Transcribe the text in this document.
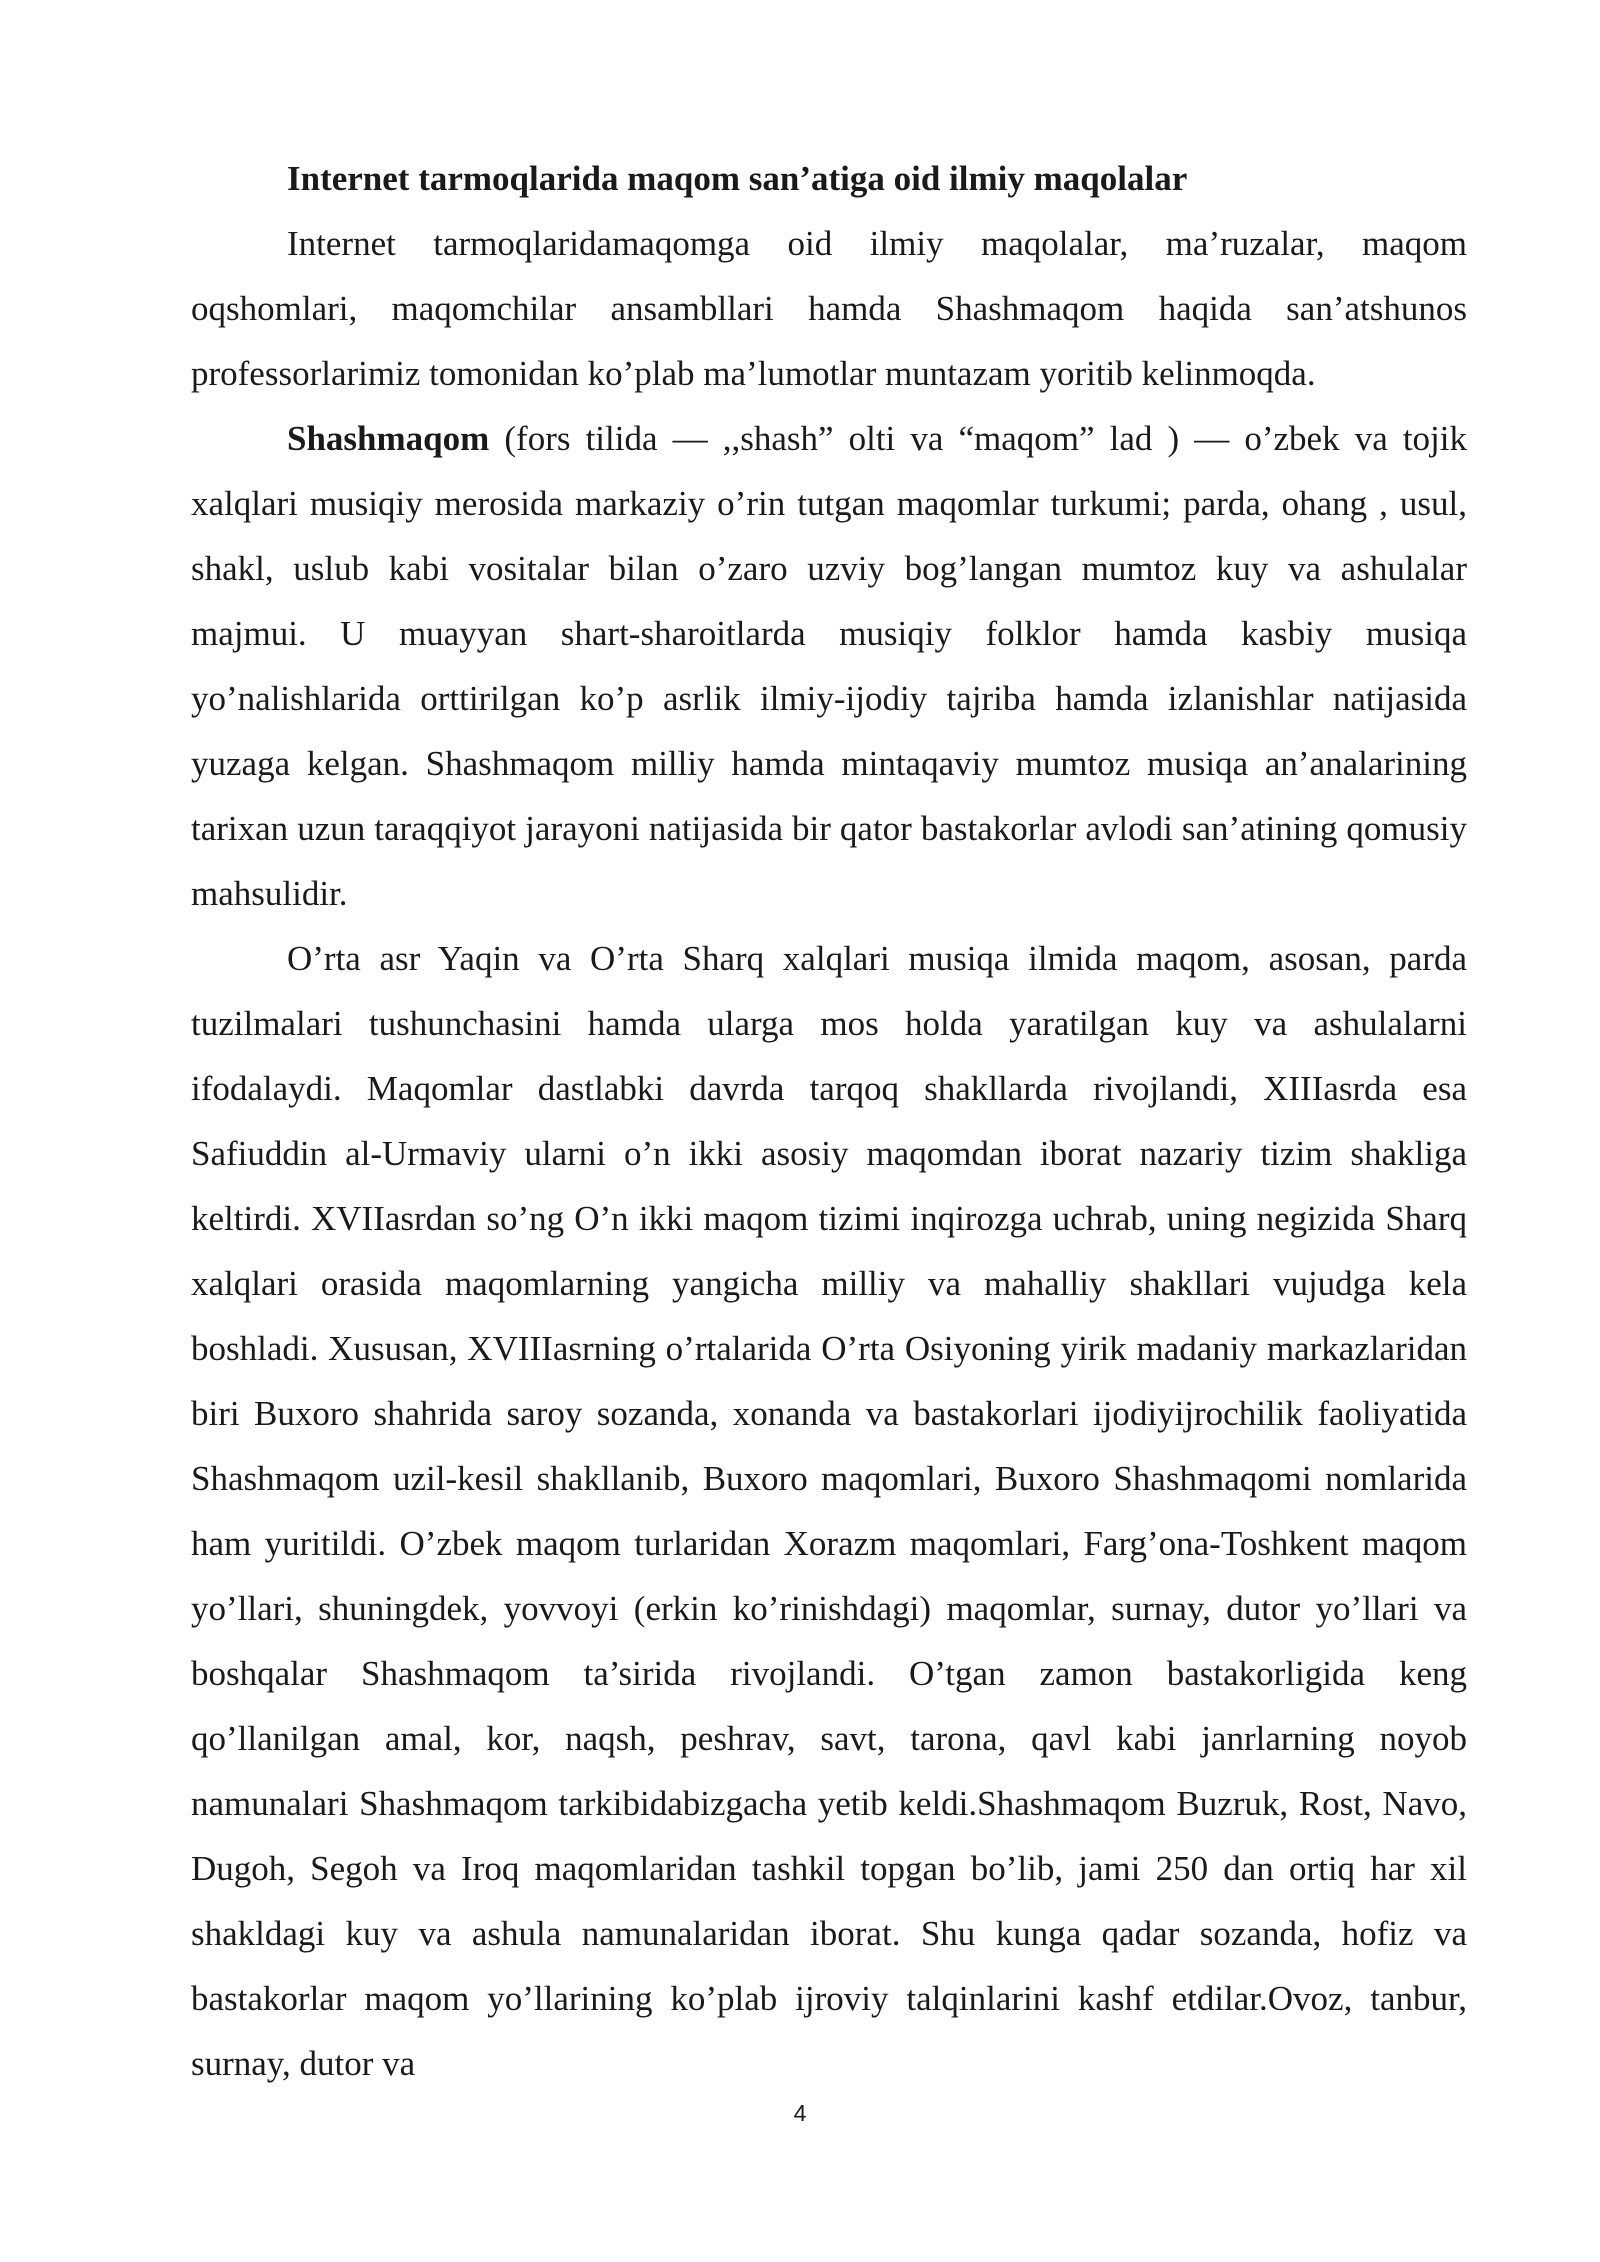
Internet tarmoqlarida maqom san’atiga oid ilmiy maqolalar

Internet tarmoqlaridamaqomga oid ilmiy maqolalar, ma’ruzalar, maqom oqshomlari, maqomchilar ansambllari hamda Shashmaqom haqida san’atshunos professorlarimiz tomonidan ko’plab ma’lumotlar muntazam yoritib kelinmoqda.

Shashmaqom (fors tilida — ,,shash” olti va “maqom” lad ) — o’zbek va tojik xalqlari musiqiy merosida markaziy o’rin tutgan maqomlar turkumi; parda, ohang , usul, shakl, uslub kabi vositalar bilan o’zaro uzviy bog’langan mumtoz kuy va ashulalar majmui. U muayyan shart-sharoitlarda musiqiy folklor hamda kasbiy musiqa yo’nalishlarida orttirilgan ko’p asrlik ilmiy-ijodiy tajriba hamda izlanishlar natijasida yuzaga kelgan. Shashmaqom milliy hamda mintaqaviy mumtoz musiqa an’analarining tarixan uzun taraqqiyot jarayoni natijasida bir qator bastakorlar avlodi san’atining qomusiy mahsulidir.

O’rta asr Yaqin va O’rta Sharq xalqlari musiqa ilmida maqom, asosan, parda tuzilmalari tushunchasini hamda ularga mos holda yaratilgan kuy va ashulalarni ifodalaydi. Maqomlar dastlabki davrda tarqoq shakllarda rivojlandi, XIIIasrda esa Safiuddin al-Urmaviy ularni o’n ikki asosiy maqomdan iborat nazariy tizim shakliga keltirdi. XVIIasrdan so’ng O’n ikki maqom tizimi inqirozga uchrab, uning negizida Sharq xalqlari orasida maqomlarning yangicha milliy va mahalliy shakllari vujudga kela boshladi. Xususan, XVIIIasrning o’rtalarida O’rta Osiyoning yirik madaniy markazlaridan biri Buxoro shahrida saroy sozanda, xonanda va bastakorlari ijodiyijrochilik faoliyatida Shashmaqom uzil-kesil shakllanib, Buxoro maqomlari, Buxoro Shashmaqomi nomlarida ham yuritildi. O’zbek maqom turlaridan Xorazm maqomlari, Farg’ona-Toshkent maqom yo’llari, shuningdek, yovvoyi (erkin ko’rinishdagi) maqomlar, surnay, dutor yo’llari va boshqalar Shashmaqom ta’sirida rivojlandi. O’tgan zamon bastakorligida keng qo’llanilgan amal, kor, naqsh, peshrav, savt, tarona, qavl kabi janrlarning noyob namunalari Shashmaqom tarkibidabizgacha yetib keldi.Shashmaqom Buzruk, Rost, Navo, Dugoh, Segoh va Iroq maqomlaridan tashkil topgan bo’lib, jami 250 dan ortiq har xil shakldagi kuy va ashula namunalaridan iborat. Shu kunga qadar sozanda, hofiz va bastakorlar maqom yo’llarining ko’plab ijroviy talqinlarini kashf etdilar.Ovoz, tanbur, surnay, dutor va

4
